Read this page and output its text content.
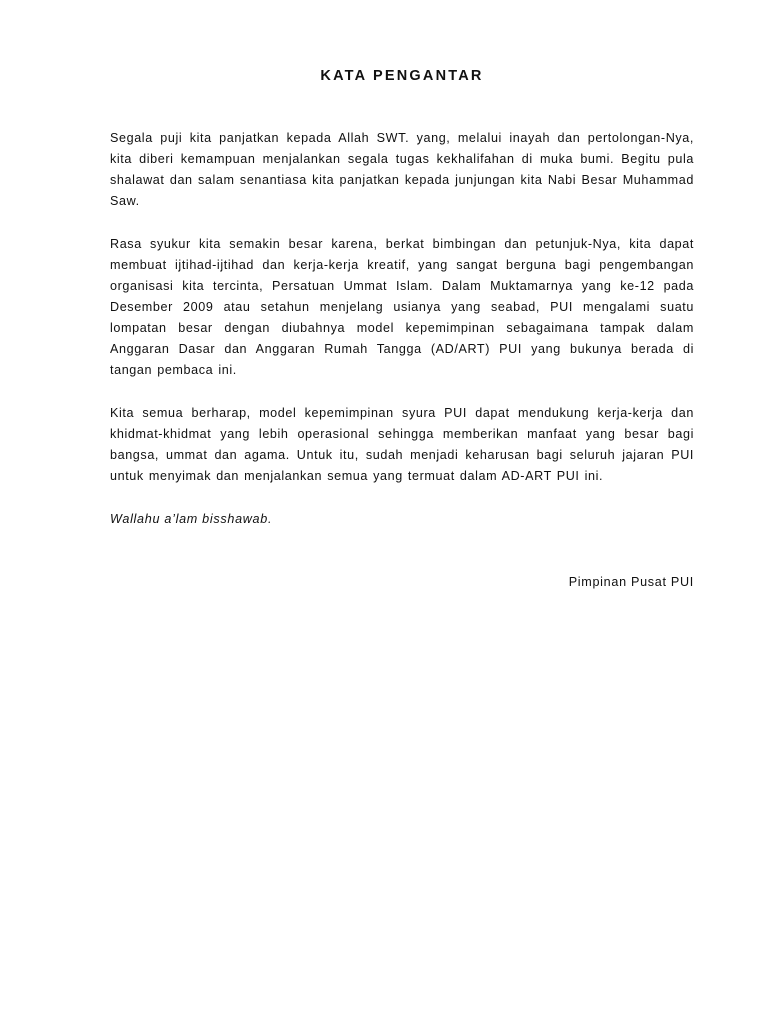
KATA PENGANTAR

Segala puji kita panjatkan kepada Allah SWT. yang, melalui inayah dan pertolongan-Nya, kita diberi kemampuan menjalankan segala tugas kekhalifahan di muka bumi. Begitu pula shalawat dan salam senantiasa kita panjatkan kepada junjungan kita Nabi Besar Muhammad Saw.

Rasa syukur kita semakin besar karena, berkat bimbingan dan petunjuk-Nya, kita dapat membuat ijtihad-ijtihad dan kerja-kerja kreatif, yang sangat berguna bagi pengembangan organisasi kita tercinta, Persatuan Ummat Islam. Dalam Muktamarnya yang ke-12 pada Desember 2009 atau setahun menjelang usianya yang seabad, PUI mengalami suatu lompatan besar dengan diubahnya model kepemimpinan sebagaimana tampak dalam Anggaran Dasar dan Anggaran Rumah Tangga (AD/ART) PUI yang bukunya berada di tangan pembaca ini.

Kita semua berharap, model kepemimpinan syura PUI dapat mendukung kerja-kerja dan khidmat-khidmat yang lebih operasional sehingga memberikan manfaat yang besar bagi bangsa, ummat dan agama. Untuk itu, sudah menjadi keharusan bagi seluruh jajaran PUI untuk menyimak dan menjalankan semua yang termuat dalam AD-ART PUI ini.

Wallahu a’lam bisshawab.

Pimpinan Pusat PUI
